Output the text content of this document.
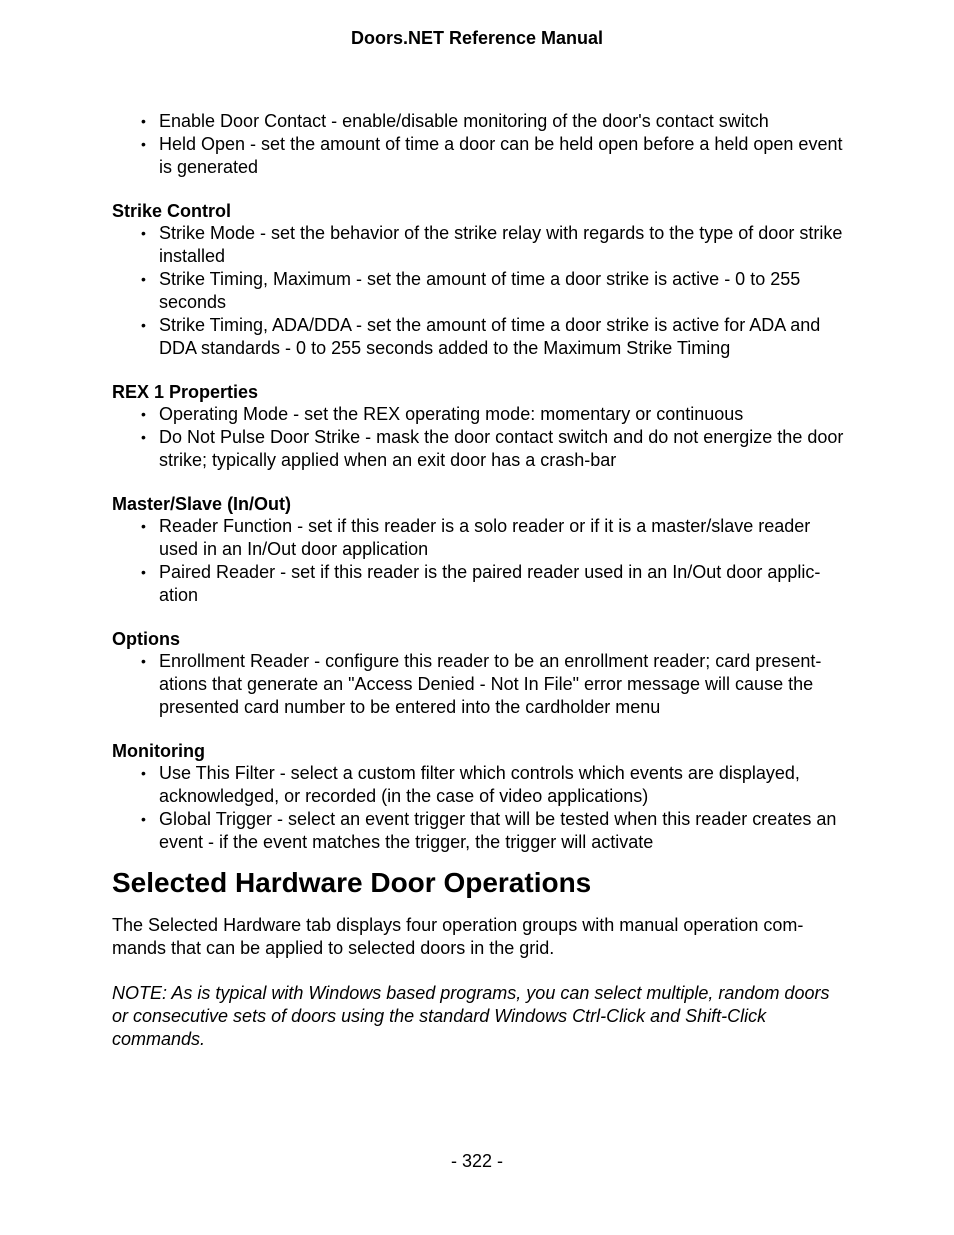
Doors.NET Reference Manual
• Enable Door Contact - enable/disable monitoring of the door's contact switch
• Held Open - set the amount of time a door can be held open before a held open event is generated

Strike Control

• Strike Mode - set the behavior of the strike relay with regards to the type of door strike installed
• Strike Timing, Maximum - set the amount of time a door strike is active - 0 to 255 seconds
• Strike Timing, ADA/DDA - set the amount of time a door strike is active for ADA and DDA standards - 0 to 255 seconds added to the Maximum Strike Timing

REX 1 Properties

• Operating Mode - set the REX operating mode: momentary or continuous
• Do Not Pulse Door Strike - mask the door contact switch and do not energize the door strike; typically applied when an exit door has a crash-bar

Master/Slave (In/Out)

• Reader Function - set if this reader is a solo reader or if it is a master/slave reader used in an In/Out door application
• Paired Reader - set if this reader is the paired reader used in an In/Out door application

Options

• Enrollment Reader - configure this reader to be an enrollment reader; card presentations that generate an "Access Denied - Not In File" error message will cause the presented card number to be entered into the cardholder menu

Monitoring

• Use This Filter - select a custom filter which controls which events are displayed, acknowledged, or recorded (in the case of video applications)
• Global Trigger - select an event trigger that will be tested when this reader creates an event - if the event matches the trigger, the trigger will activate
Selected Hardware Door Operations

The Selected Hardware tab displays four operation groups with manual operation commands that can be applied to selected doors in the grid.

NOTE: As is typical with Windows based programs, you can select multiple, random doors or consecutive sets of doors using the standard Windows Ctrl-Click and Shift-Click commands.

- 322 -
